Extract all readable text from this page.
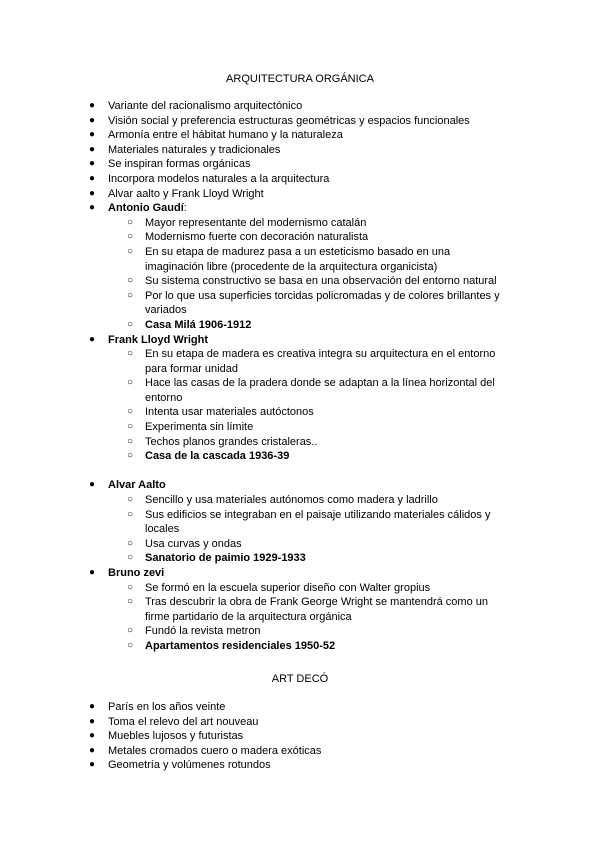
ARQUITECTURA ORGÁNICA
● Variante del racionalismo arquitectónico
● Visión social y preferencia estructuras geométricas y espacios funcionales
● Armonía entre el hábitat humano y la naturaleza
● Materiales naturales y tradicionales
● Se inspiran formas orgánicas
● Incorpora modelos naturales a la arquitectura
● Alvar aalto y Frank Lloyd Wright
● Antonio Gaudí:
○ Mayor representante del modernismo catalán
○ Modernismo fuerte con decoración naturalista
○ En su etapa de madurez pasa a un esteticismo basado en una imaginación libre (procedente de la arquitectura organicista)
○ Su sistema constructivo se basa en una observación del entorno natural
○ Por lo que usa superficies torcidas policromadas y de colores brillantes y variados
○ Casa Milá 1906-1912
● Frank Lloyd Wright
○ En su etapa de madera es creativa integra su arquitectura en el entorno para formar unidad
○ Hace las casas de la pradera donde se adaptan a la línea horizontal del entorno
○ Intenta usar materiales autóctonos
○ Experimenta sin límite
○ Techos planos grandes cristaleras..
○ Casa de la cascada 1936-39
● Alvar Aalto
○ Sencillo y usa materiales autónomos como madera y ladrillo
○ Sus edificios se integraban en el paisaje utilizando materiales cálidos y locales
○ Usa curvas y ondas
○ Sanatorio de paimio 1929-1933
● Bruno zevi
○ Se formó en la escuela superior diseño con Walter gropius
○ Tras descubrir la obra de Frank George Wright se mantendrá como un firme partidario de la arquitectura orgánica
○ Fundó la revista metron
○ Apartamentos residenciales 1950-52
ART DECÓ
● París en los años veinte
● Toma el relevo del art nouveau
● Muebles lujosos y futuristas
● Metales cromados cuero o madera exóticas
● Geometría y volúmenes rotundos
